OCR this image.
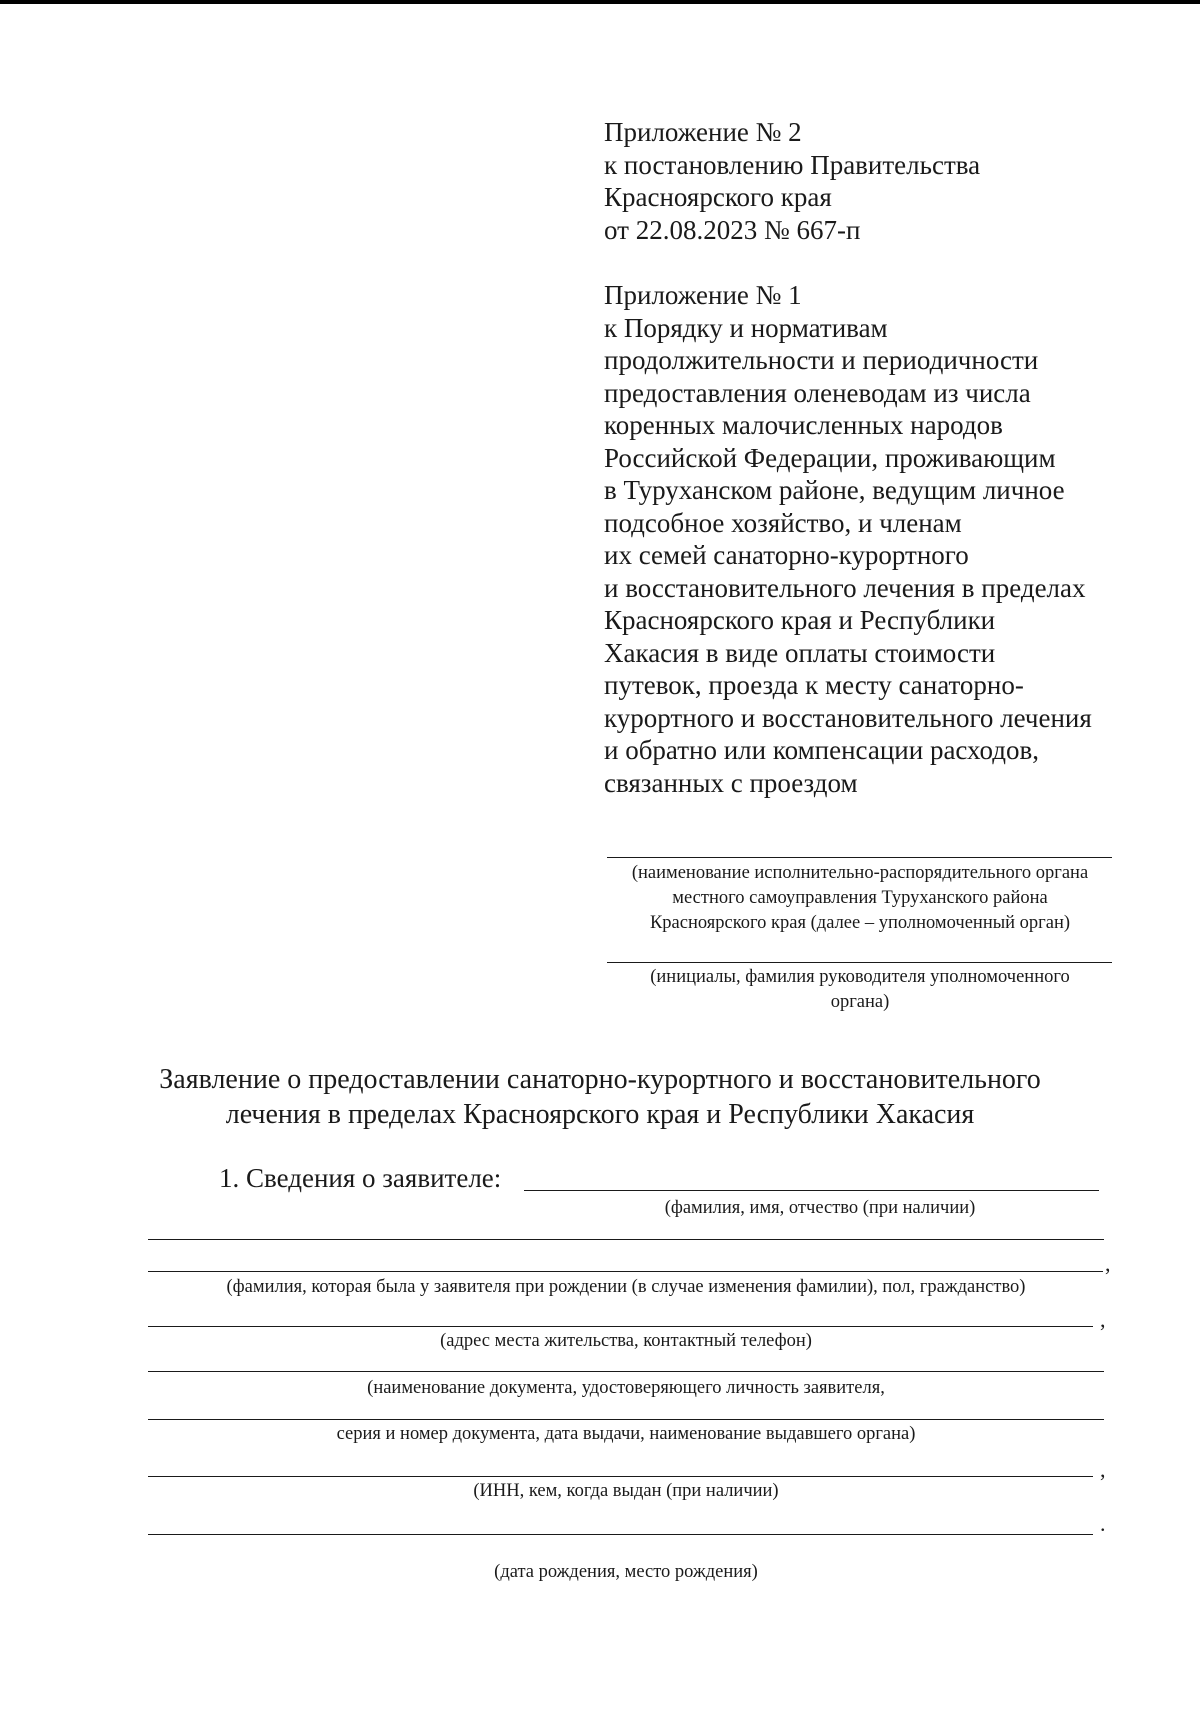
Приложение № 2
к постановлению Правительства
Красноярского края
от 22.08.2023 № 667-п
Приложение № 1
к Порядку и нормативам
продолжительности и периодичности
предоставления оленеводам из числа
коренных малочисленных народов
Российской Федерации, проживающим
в Туруханском районе, ведущим личное
подсобное хозяйство, и членам
их семей санаторно-курортного
и восстановительного лечения в пределах
Красноярского края и Республики
Хакасия в виде оплаты стоимости
путевок, проезда к месту санаторно-
курортного и восстановительного лечения
и обратно или компенсации расходов,
связанных с проездом
(наименование исполнительно-распорядительного органа
местного самоуправления Туруханского района
Красноярского края (далее – уполномоченный орган)
(инициалы, фамилия руководителя уполномоченного
органа)
Заявление о предоставлении санаторно-курортного и восстановительного
лечения в пределах Красноярского края и Республики Хакасия
1. Сведения о заявителе:
(фамилия, имя, отчество (при наличии)
,
(фамилия, которая была у заявителя при рождении (в случае изменения фамилии), пол, гражданство)
,
(адрес места жительства, контактный телефон)
(наименование документа, удостоверяющего личность заявителя,
серия и номер документа, дата выдачи, наименование выдавшего органа)
,
(ИНН, кем, когда выдан (при наличии)
.
(дата рождения, место рождения)
